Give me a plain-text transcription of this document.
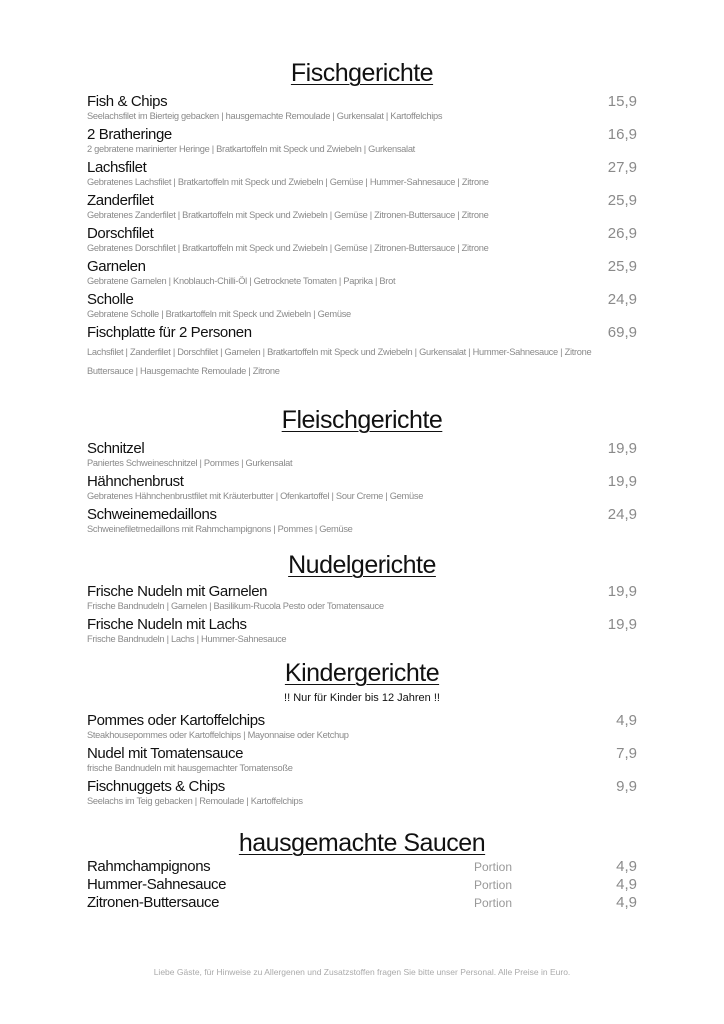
Fischgerichte
Fish & Chips
Seelachsfilet im Bierteig gebacken | hausgemachte Remoulade | Gurkensalat | Kartoffelchips
15,9
2 Bratheringe
2 gebratene marinierter Heringe | Bratkartoffeln mit Speck und Zwiebeln | Gurkensalat
16,9
Lachsfilet
Gebratenes Lachsfilet | Bratkartoffeln mit Speck und Zwiebeln | Gemüse | Hummer-Sahnesauce | Zitrone
27,9
Zanderfilet
Gebratenes Zanderfilet | Bratkartoffeln mit Speck und Zwiebeln | Gemüse | Zitronen-Buttersauce | Zitrone
25,9
Dorschfilet
Gebratenes Dorschfilet | Bratkartoffeln mit Speck und Zwiebeln | Gemüse | Zitronen-Buttersauce | Zitrone
26,9
Garnelen
Gebratene Garnelen | Knoblauch-Chilli-Öl | Getrocknete Tomaten | Paprika | Brot
25,9
Scholle
Gebratene Scholle | Bratkartoffeln mit Speck und Zwiebeln | Gemüse
24,9
Fischplatte für 2 Personen
Lachsfilet | Zanderfilet | Dorschfilet | Garnelen | Bratkartoffeln mit Speck und Zwiebeln | Gurkensalat | Hummer-Sahnesauce | Zitrone Buttersauce | Hausgemachte Remoulade | Zitrone
69,9
Fleischgerichte
Schnitzel
Paniertes Schweineschnitzel | Pommes | Gurkensalat
19,9
Hähnchenbrust
Gebratenes Hähnchenbrustfilet mit Kräuterbutter | Ofenkartoffel | Sour Creme | Gemüse
19,9
Schweinemedaillons
Schweinefiletmedaillons mit Rahmchampignons | Pommes | Gemüse
24,9
Nudelgerichte
Frische Nudeln mit Garnelen
Frische Bandnudeln | Garnelen | Basilikum-Rucola Pesto oder Tomatensauce
19,9
Frische Nudeln mit Lachs
Frische Bandnudeln | Lachs | Hummer-Sahnesauce
19,9
Kindergerichte
!! Nur für Kinder bis 12 Jahren !!
Pommes oder Kartoffelchips
Steakhousepommes oder Kartoffelchips | Mayonnaise oder Ketchup
4,9
Nudel mit Tomatensauce
frische Bandnudeln mit hausgemachter Tomatensoße
7,9
Fischnuggets & Chips
Seelachs im Teig gebacken | Remoulade | Kartoffelchips
9,9
hausgemachte Saucen
Rahmchampignons	Portion	4,9
Hummer-Sahnesauce	Portion	4,9
Zitronen-Buttersauce	Portion	4,9
Liebe Gäste, für Hinweise zu Allergenen und Zusatzstoffen fragen Sie bitte unser Personal. Alle Preise in Euro.
